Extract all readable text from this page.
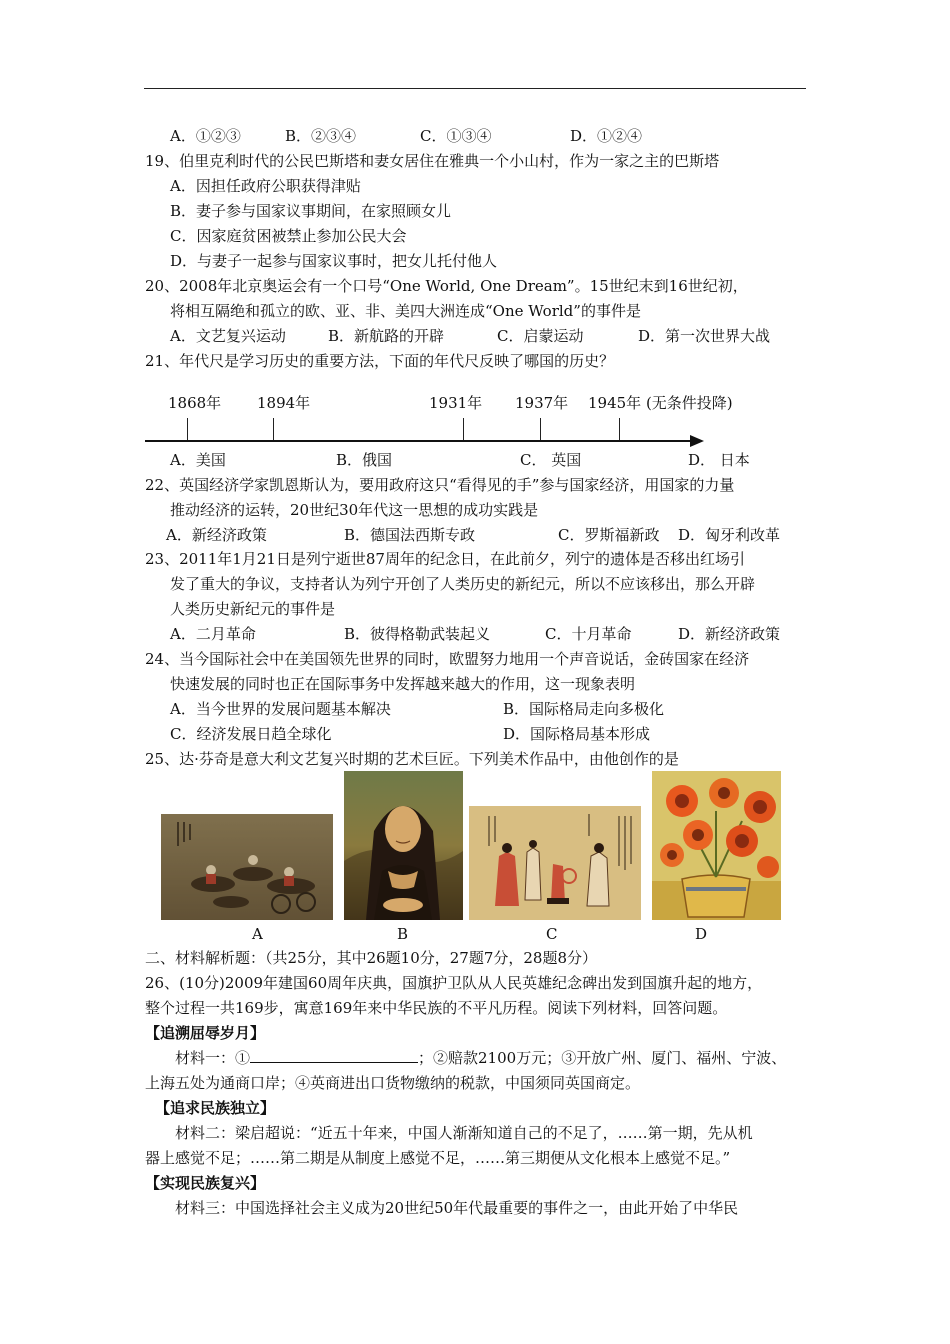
A．①②③	B．②③④	C．①③④	D．①②④
19、伯里克利时代的公民巴斯塔和妻女居住在雅典一个小山村，作为一家之主的巴斯塔
A．因担任政府公职获得津贴
B．妻子参与国家议事期间，在家照顾女儿
C．因家庭贫困被禁止参加公民大会
D．与妻子一起参与国家议事时，把女儿托付他人
20、2008年北京奥运会有一个口号“One World, One Dream”。15世纪末到16世纪初，
将相互隔绝和孤立的欧、亚、非、美四大洲连成“One World”的事件是
A．文艺复兴运动	B．新航路的开辟	C．启蒙运动	D．第一次世界大战
21、年代尺是学习历史的重要方法，下面的年代尺反映了哪国的历史？
1868年 1894年	1931年 1937年 1945年 (无条件投降)
A．美国	B．俄国	C． 英国	D． 日本
22、英国经济学家凯恩斯认为，要用政府这只“看得见的手”参与国家经济，用国家的力量
推动经济的运转，20世纪30年代这一思想的成功实践是
A．新经济政策	B．德国法西斯专政	C．罗斯福新政 D．匈牙利改革
23、2011年1月21日是列宁逝世87周年的纪念日，在此前夕，列宁的遗体是否移出红场引
发了重大的争议，支持者认为列宁开创了人类历史的新纪元，所以不应该移出，那么开辟
人类历史新纪元的事件是
A．二月革命	B．彼得格勒武装起义	C．十月革命	D．新经济政策
24、当今国际社会中在美国领先世界的同时，欧盟努力地用一个声音说话，金砖国家在经济
快速发展的同时也正在国际事务中发挥越来越大的作用，这一现象表明
A．当今世界的发展问题基本解决	B．国际格局走向多极化
C．经济发展日趋全球化	D．国际格局基本形成
25、达·芬奇是意大利文艺复兴时期的艺术巨匠。下列美术作品中，由他创作的是
A	B	C	D
二、材料解析题：（共25分，其中26题10分，27题7分，28题8分）
26、(10分)2009年建国60周年庆典，国旗护卫队从人民英雄纪念碑出发到国旗升起的地方，
整个过程一共169步，寓意169年来中华民族的不平凡历程。阅读下列材料，回答问题。
【追溯屈辱岁月】
材料一：①	；②赔款2100万元；③开放广州、厦门、福州、宁波、
上海五处为通商口岸；④英商进出口货物缴纳的税款，中国须同英国商定。
【追求民族独立】
材料二：梁启超说：“近五十年来，中国人渐渐知道自己的不足了，……第一期，先从机
器上感觉不足；……第二期是从制度上感觉不足，……第三期便从文化根本上感觉不足。”
【实现民族复兴】
材料三：中国选择社会主义成为20世纪50年代最重要的事件之一，由此开始了中华民
